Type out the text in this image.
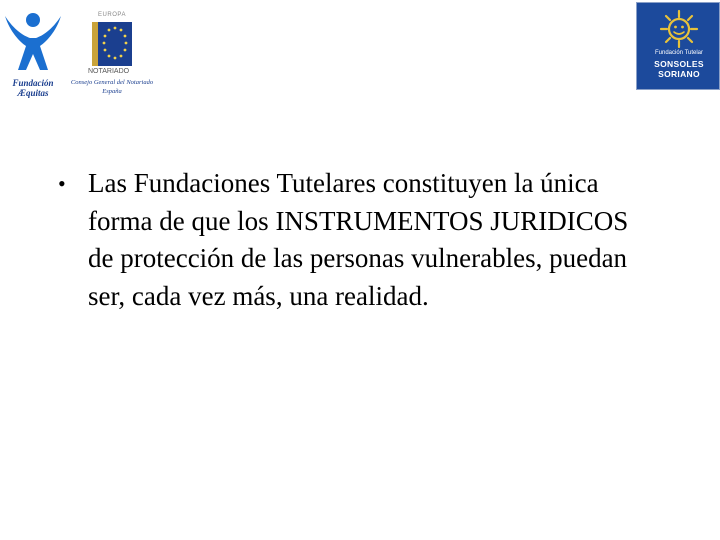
Fundación
Æquitas
EUROPA
NOTARIADO
Consejo General del Notariado
España
Fundación Tutelar
SONSOLES
SORIANO
• Las Fundaciones Tutelares constituyen la única forma de que los INSTRUMENTOS JURIDICOS de protección de las personas vulnerables, puedan ser, cada vez más, una realidad.
